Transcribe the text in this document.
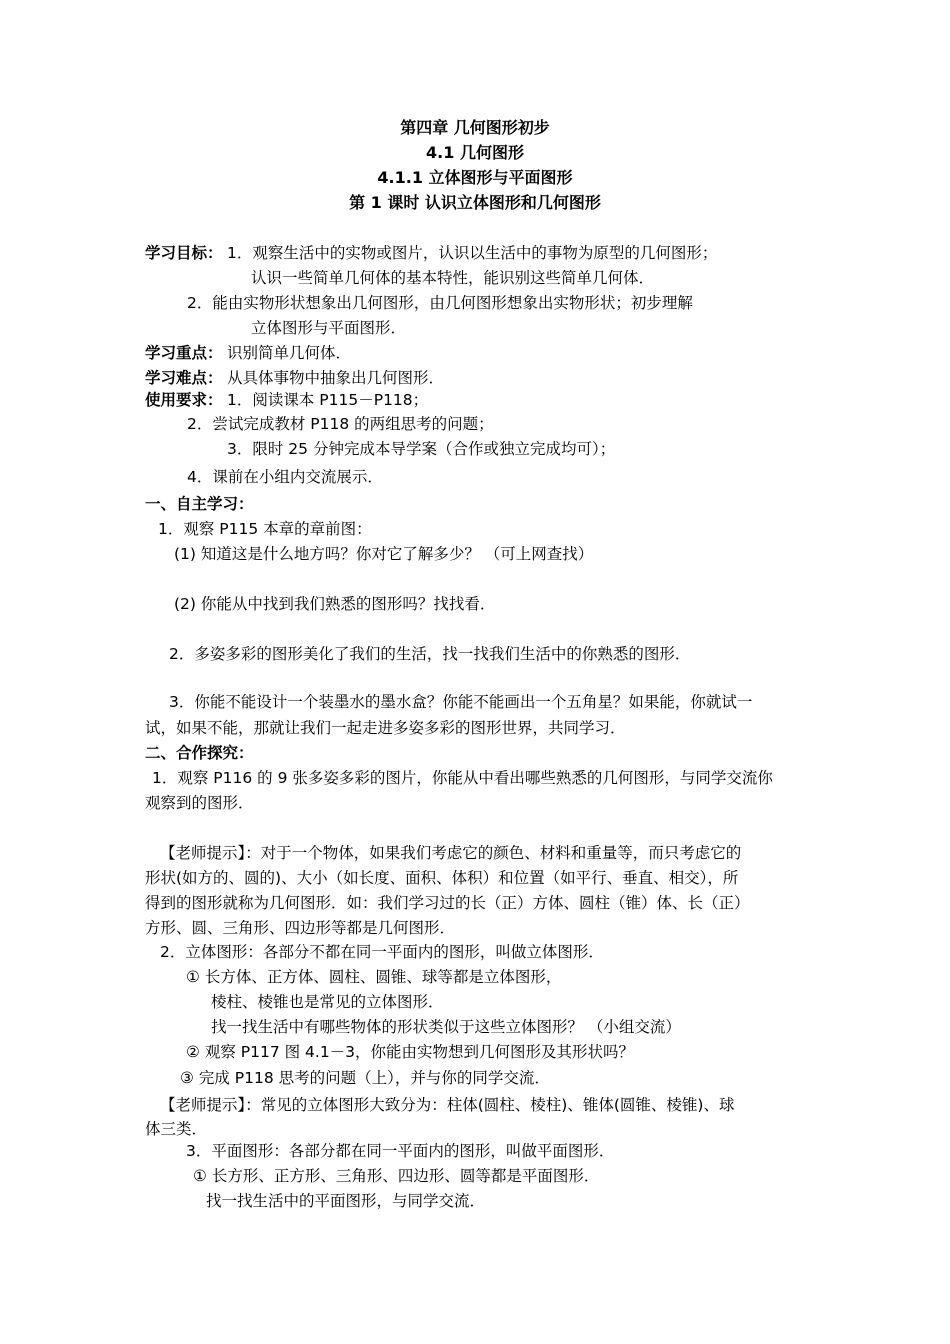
第四章 几何图形初步
4.1 几何图形
4.1.1 立体图形与平面图形
第 1 课时 认识立体图形和几何图形
学习目标： 1．观察生活中的实物或图片，认识以生活中的事物为原型的几何图形；
认识一些简单几何体的基本特性，能识别这些简单几何体．
2．能由实物形状想象出几何图形，由几何图形想象出实物形状；初步理解
立体图形与平面图形．
学习重点： 识别简单几何体．
学习难点： 从具体事物中抽象出几何图形．
使用要求： 1．阅读课本 P115－P118；
2．尝试完成教材 P118 的两组思考的问题；
3．限时 25 分钟完成本导学案（合作或独立完成均可）；
4．课前在小组内交流展示．
一、自主学习：
1．观察 P115 本章的章前图：
(1) 知道这是什么地方吗？你对它了解多少？ （可上网查找）
(2) 你能从中找到我们熟悉的图形吗？找找看．
2．多姿多彩的图形美化了我们的生活，找一找我们生活中的你熟悉的图形．
3．你能不能设计一个装墨水的墨水盒？你能不能画出一个五角星？如果能，你就试一
试，如果不能，那就让我们一起走进多姿多彩的图形世界，共同学习．
二、合作探究：
1．观察 P116 的 9 张多姿多彩的图片，你能从中看出哪些熟悉的几何图形，与同学交流你
观察到的图形．
【老师提示】：对于一个物体，如果我们考虑它的颜色、材料和重量等，而只考虑它的
形状(如方的、圆的)、大小（如长度、面积、体积）和位置（如平行、垂直、相交），所
得到的图形就称为几何图形．如：我们学习过的长（正）方体、圆柱（锥）体、长（正）
方形、圆、三角形、四边形等都是几何图形．
2．立体图形：各部分不都在同一平面内的图形，叫做立体图形．
① 长方体、正方体、圆柱、圆锥、球等都是立体图形，
棱柱、棱锥也是常见的立体图形．
找一找生活中有哪些物体的形状类似于这些立体图形？ （小组交流）
② 观察 P117 图 4.1－3，你能由实物想到几何图形及其形状吗？
③ 完成 P118 思考的问题（上），并与你的同学交流．
【老师提示】：常见的立体图形大致分为：柱体(圆柱、棱柱)、锥体(圆锥、棱锥)、球
体三类．
3．平面图形：各部分都在同一平面内的图形，叫做平面图形．
① 长方形、正方形、三角形、四边形、圆等都是平面图形．
找一找生活中的平面图形，与同学交流．
